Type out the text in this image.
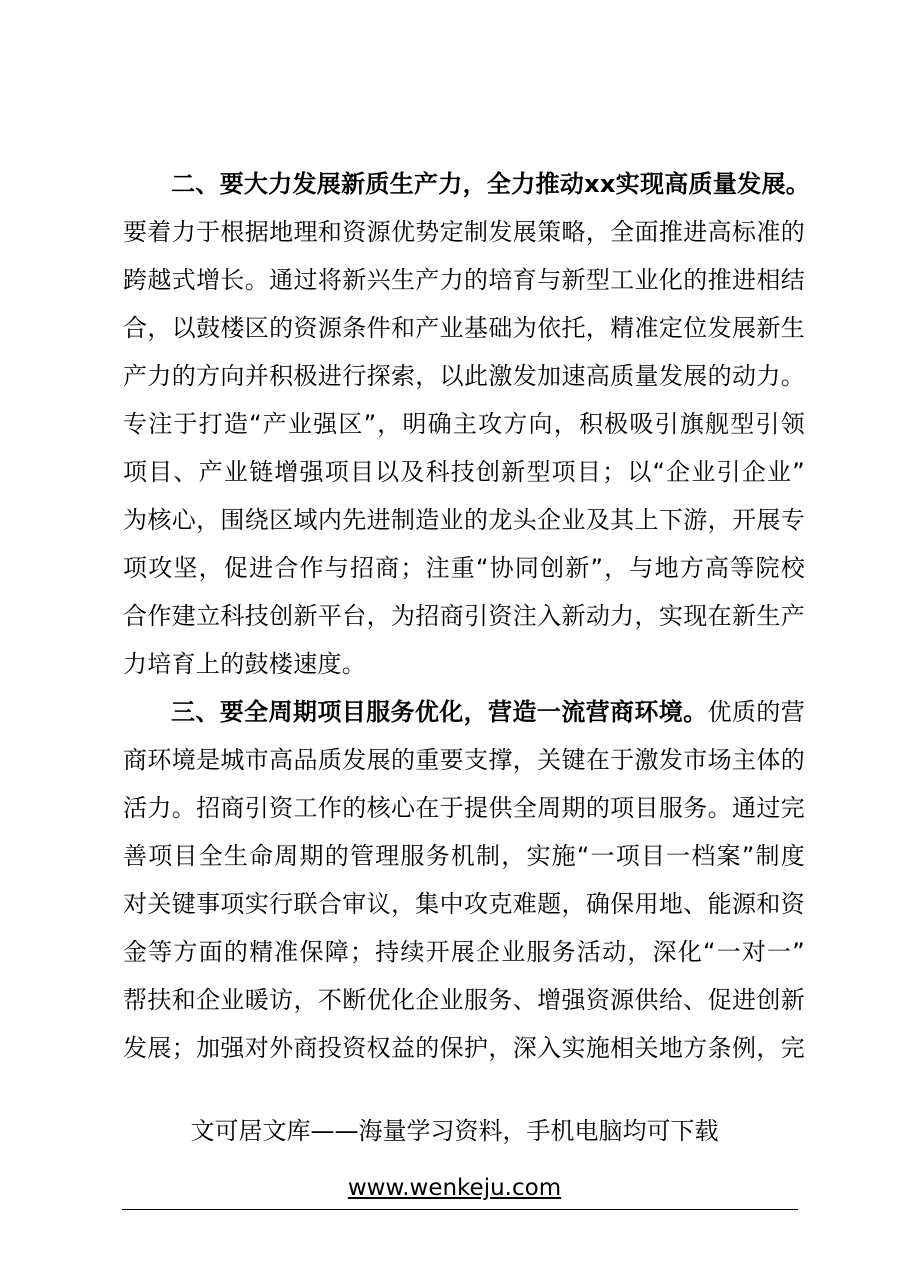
二、要大力发展新质生产力，全力推动xx实现高质量发展。
要着力于根据地理和资源优势定制发展策略，全面推进高标准的
跨越式增长。通过将新兴生产力的培育与新型工业化的推进相结
合，以鼓楼区的资源条件和产业基础为依托，精准定位发展新生
产力的方向并积极进行探索，以此激发加速高质量发展的动力。
专注于打造“产业强区”，明确主攻方向，积极吸引旗舰型引领
项目、产业链增强项目以及科技创新型项目；以“企业引企业”
为核心，围绕区域内先进制造业的龙头企业及其上下游，开展专
项攻坚，促进合作与招商；注重“协同创新”，与地方高等院校
合作建立科技创新平台，为招商引资注入新动力，实现在新生产
力培育上的鼓楼速度。
三、要全周期项目服务优化，营造一流营商环境。优质的营
商环境是城市高品质发展的重要支撑，关键在于激发市场主体的
活力。招商引资工作的核心在于提供全周期的项目服务。通过完
善项目全生命周期的管理服务机制，实施“一项目一档案”制度
对关键事项实行联合审议，集中攻克难题，确保用地、能源和资
金等方面的精准保障；持续开展企业服务活动，深化“一对一”
帮扶和企业暖访，不断优化企业服务、增强资源供给、促进创新
发展；加强对外商投资权益的保护，深入实施相关地方条例，完
文可居文库——海量学习资料，手机电脑均可下载
www.wenkeju.com
